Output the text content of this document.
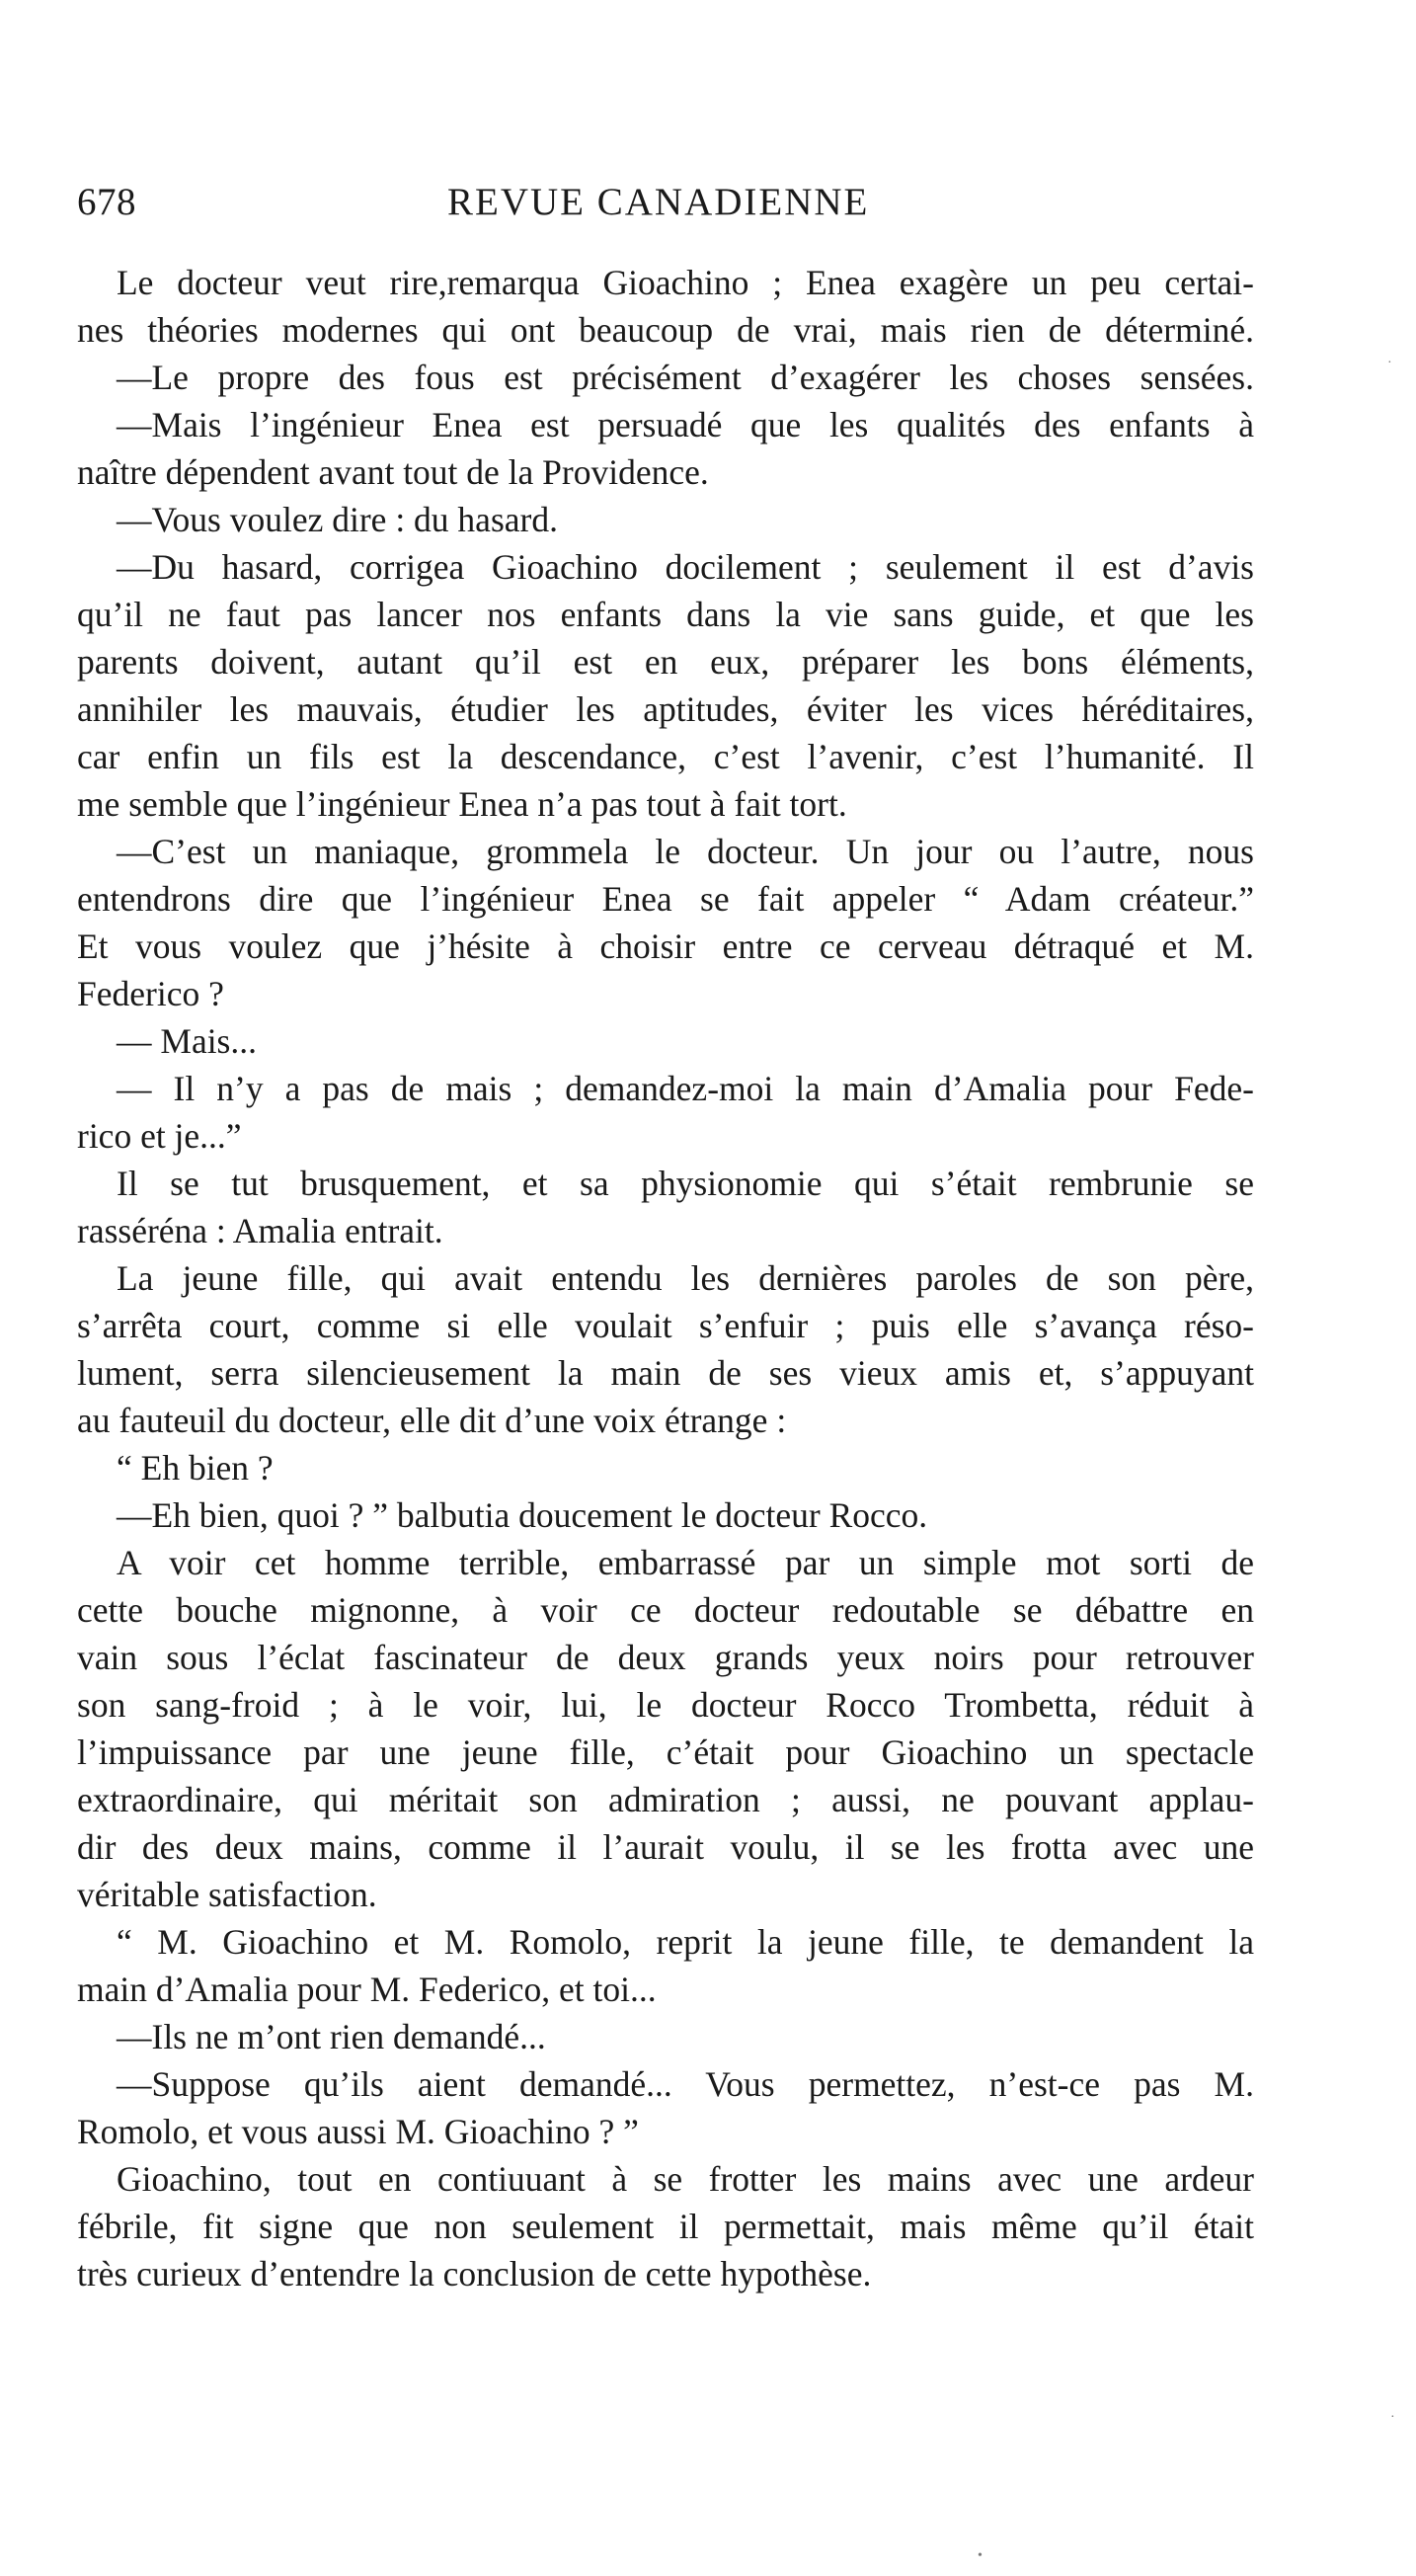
678	REVUE CANADIENNE
Le docteur veut rire,remarqua Gioachino ; Enea exagère un peu certai-
nes théories modernes qui ont beaucoup de vrai, mais rien de déterminé.
—Le propre des fous est précisément d’exagérer les choses sensées.
—Mais l’ingénieur Enea est persuadé que les qualités des enfants à
naître dépendent avant tout de la Providence.
—Vous voulez dire : du hasard.
—Du hasard, corrigea Gioachino docilement ; seulement il est d’avis
qu’il ne faut pas lancer nos enfants dans la vie sans guide, et que les
parents doivent, autant qu’il est en eux, préparer les bons éléments,
annihiler les mauvais, étudier les aptitudes, éviter les vices héréditaires,
car enfin un fils est la descendance, c’est l’avenir, c’est l’humanité. Il
me semble que l’ingénieur Enea n’a pas tout à fait tort.
—C’est un maniaque, grommela le docteur. Un jour ou l’autre, nous
entendrons dire que l’ingénieur Enea se fait appeler “ Adam créateur.”
Et vous voulez que j’hésite à choisir entre ce cerveau détraqué et M.
Federico ?
— Mais...
— Il n’y a pas de mais ; demandez-moi la main d’Amalia pour Fede-
rico et je...”
Il se tut brusquement, et sa physionomie qui s’était rembrunie se
rasséréna : Amalia entrait.
La jeune fille, qui avait entendu les dernières paroles de son père,
s’arrêta court, comme si elle voulait s’enfuir ; puis elle s’avança réso-
lument, serra silencieusement la main de ses vieux amis et, s’appuyant
au fauteuil du docteur, elle dit d’une voix étrange :
“ Eh bien ?
—Eh bien, quoi ? ” balbutia doucement le docteur Rocco.
A voir cet homme terrible, embarrassé par un simple mot sorti de
cette bouche mignonne, à voir ce docteur redoutable se débattre en
vain sous l’éclat fascinateur de deux grands yeux noirs pour retrouver
son sang-froid ; à le voir, lui, le docteur Rocco Trombetta, réduit à
l’impuissance par une jeune fille, c’était pour Gioachino un spectacle
extraordinaire, qui méritait son admiration ; aussi, ne pouvant applau-
dir des deux mains, comme il l’aurait voulu, il se les frotta avec une
véritable satisfaction.
“ M. Gioachino et M. Romolo, reprit la jeune fille, te demandent la
main d’Amalia pour M. Federico, et toi...
—Ils ne m’ont rien demandé...
—Suppose qu’ils aient demandé... Vous permettez, n’est-ce pas M.
Romolo, et vous aussi M. Gioachino ? ”
Gioachino, tout en contiuuant à se frotter les mains avec une ardeur
fébrile, fit signe que non seulement il permettait, mais même qu’il était
très curieux d’entendre la conclusion de cette hypothèse.
·
·
•
